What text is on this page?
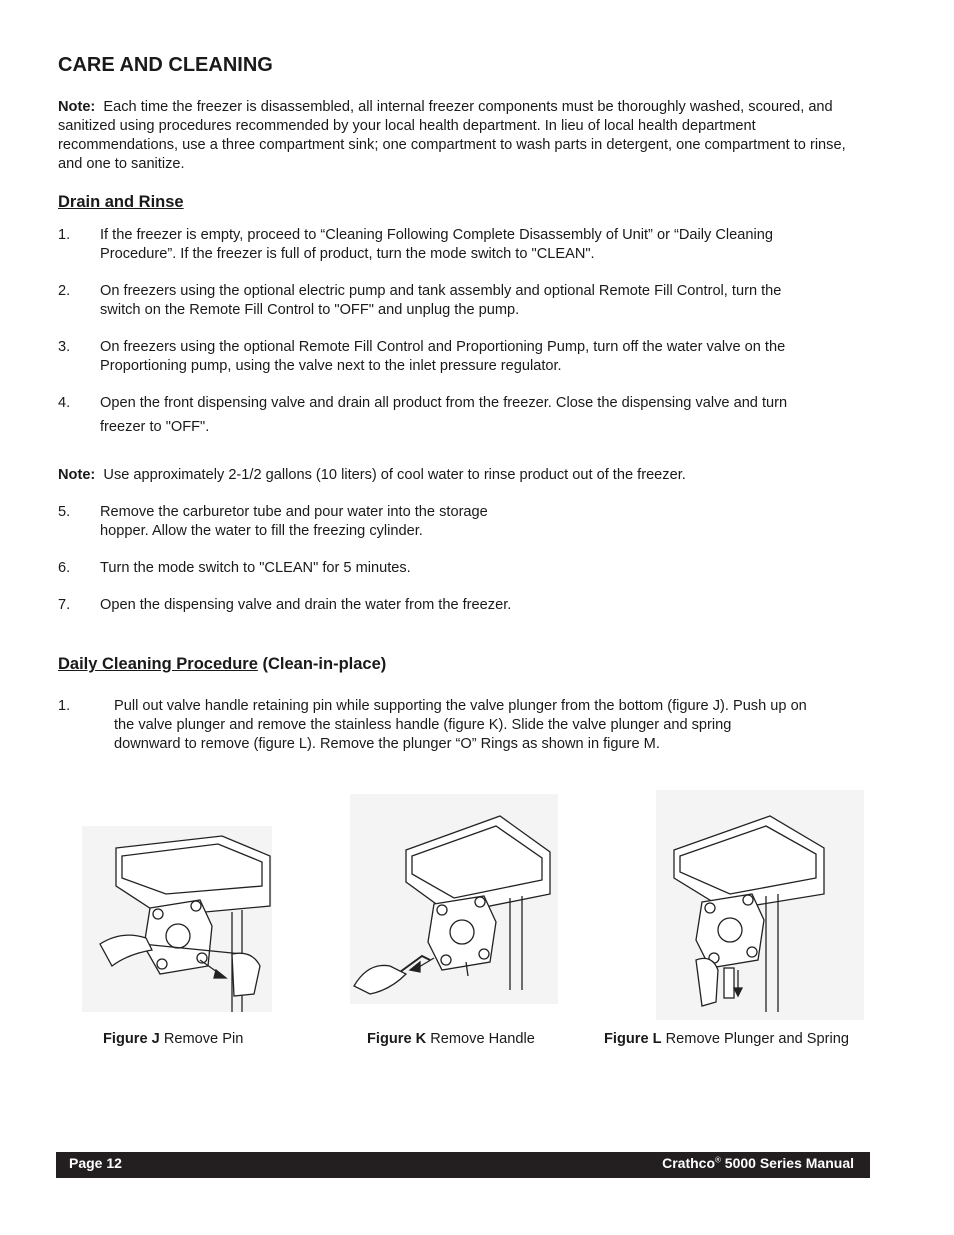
CARE AND CLEANING
Note: Each time the freezer is disassembled, all internal freezer components must be thoroughly washed, scoured, and sanitized using procedures recommended by your local health department. In lieu of local health department recommendations, use a three compartment sink; one compartment to wash parts in detergent, one compartment to rinse, and one to sanitize.
Drain and Rinse
1. If the freezer is empty, proceed to “Cleaning Following Complete Disassembly of Unit” or “Daily Cleaning
Procedure”. If the freezer is full of product, turn the mode switch to "CLEAN".
2. On freezers using the optional electric pump and tank assembly and optional Remote Fill Control, turn the
switch on the Remote Fill Control to "OFF" and unplug the pump.
3. On freezers using the optional Remote Fill Control and Proportioning Pump, turn off the water valve on the
Proportioning pump, using the valve next to the inlet pressure regulator.
4. Open the front dispensing valve and drain all product from the freezer. Close the dispensing valve and turn
freezer to "OFF".
Note: Use approximately 2-1/2 gallons (10 liters) of cool water to rinse product out of the freezer.
5. Remove the carburetor tube and pour water into the storage
hopper. Allow the water to fill the freezing cylinder.
6. Turn the mode switch to "CLEAN" for 5 minutes.
7. Open the dispensing valve and drain the water from the freezer.
Daily Cleaning Procedure (Clean-in-place)
1.	Pull out valve handle retaining pin while supporting the valve plunger from the bottom (figure J). Push up on
the valve plunger and remove the stainless handle (figure K). Slide the valve plunger and spring
downward to remove (figure L). Remove the plunger “O” Rings as shown in figure M.
Figure J Remove Pin	Figure K Remove Handle	Figure L Remove Plunger and Spring
Page 12	Crathco® 5000 Series Manual
